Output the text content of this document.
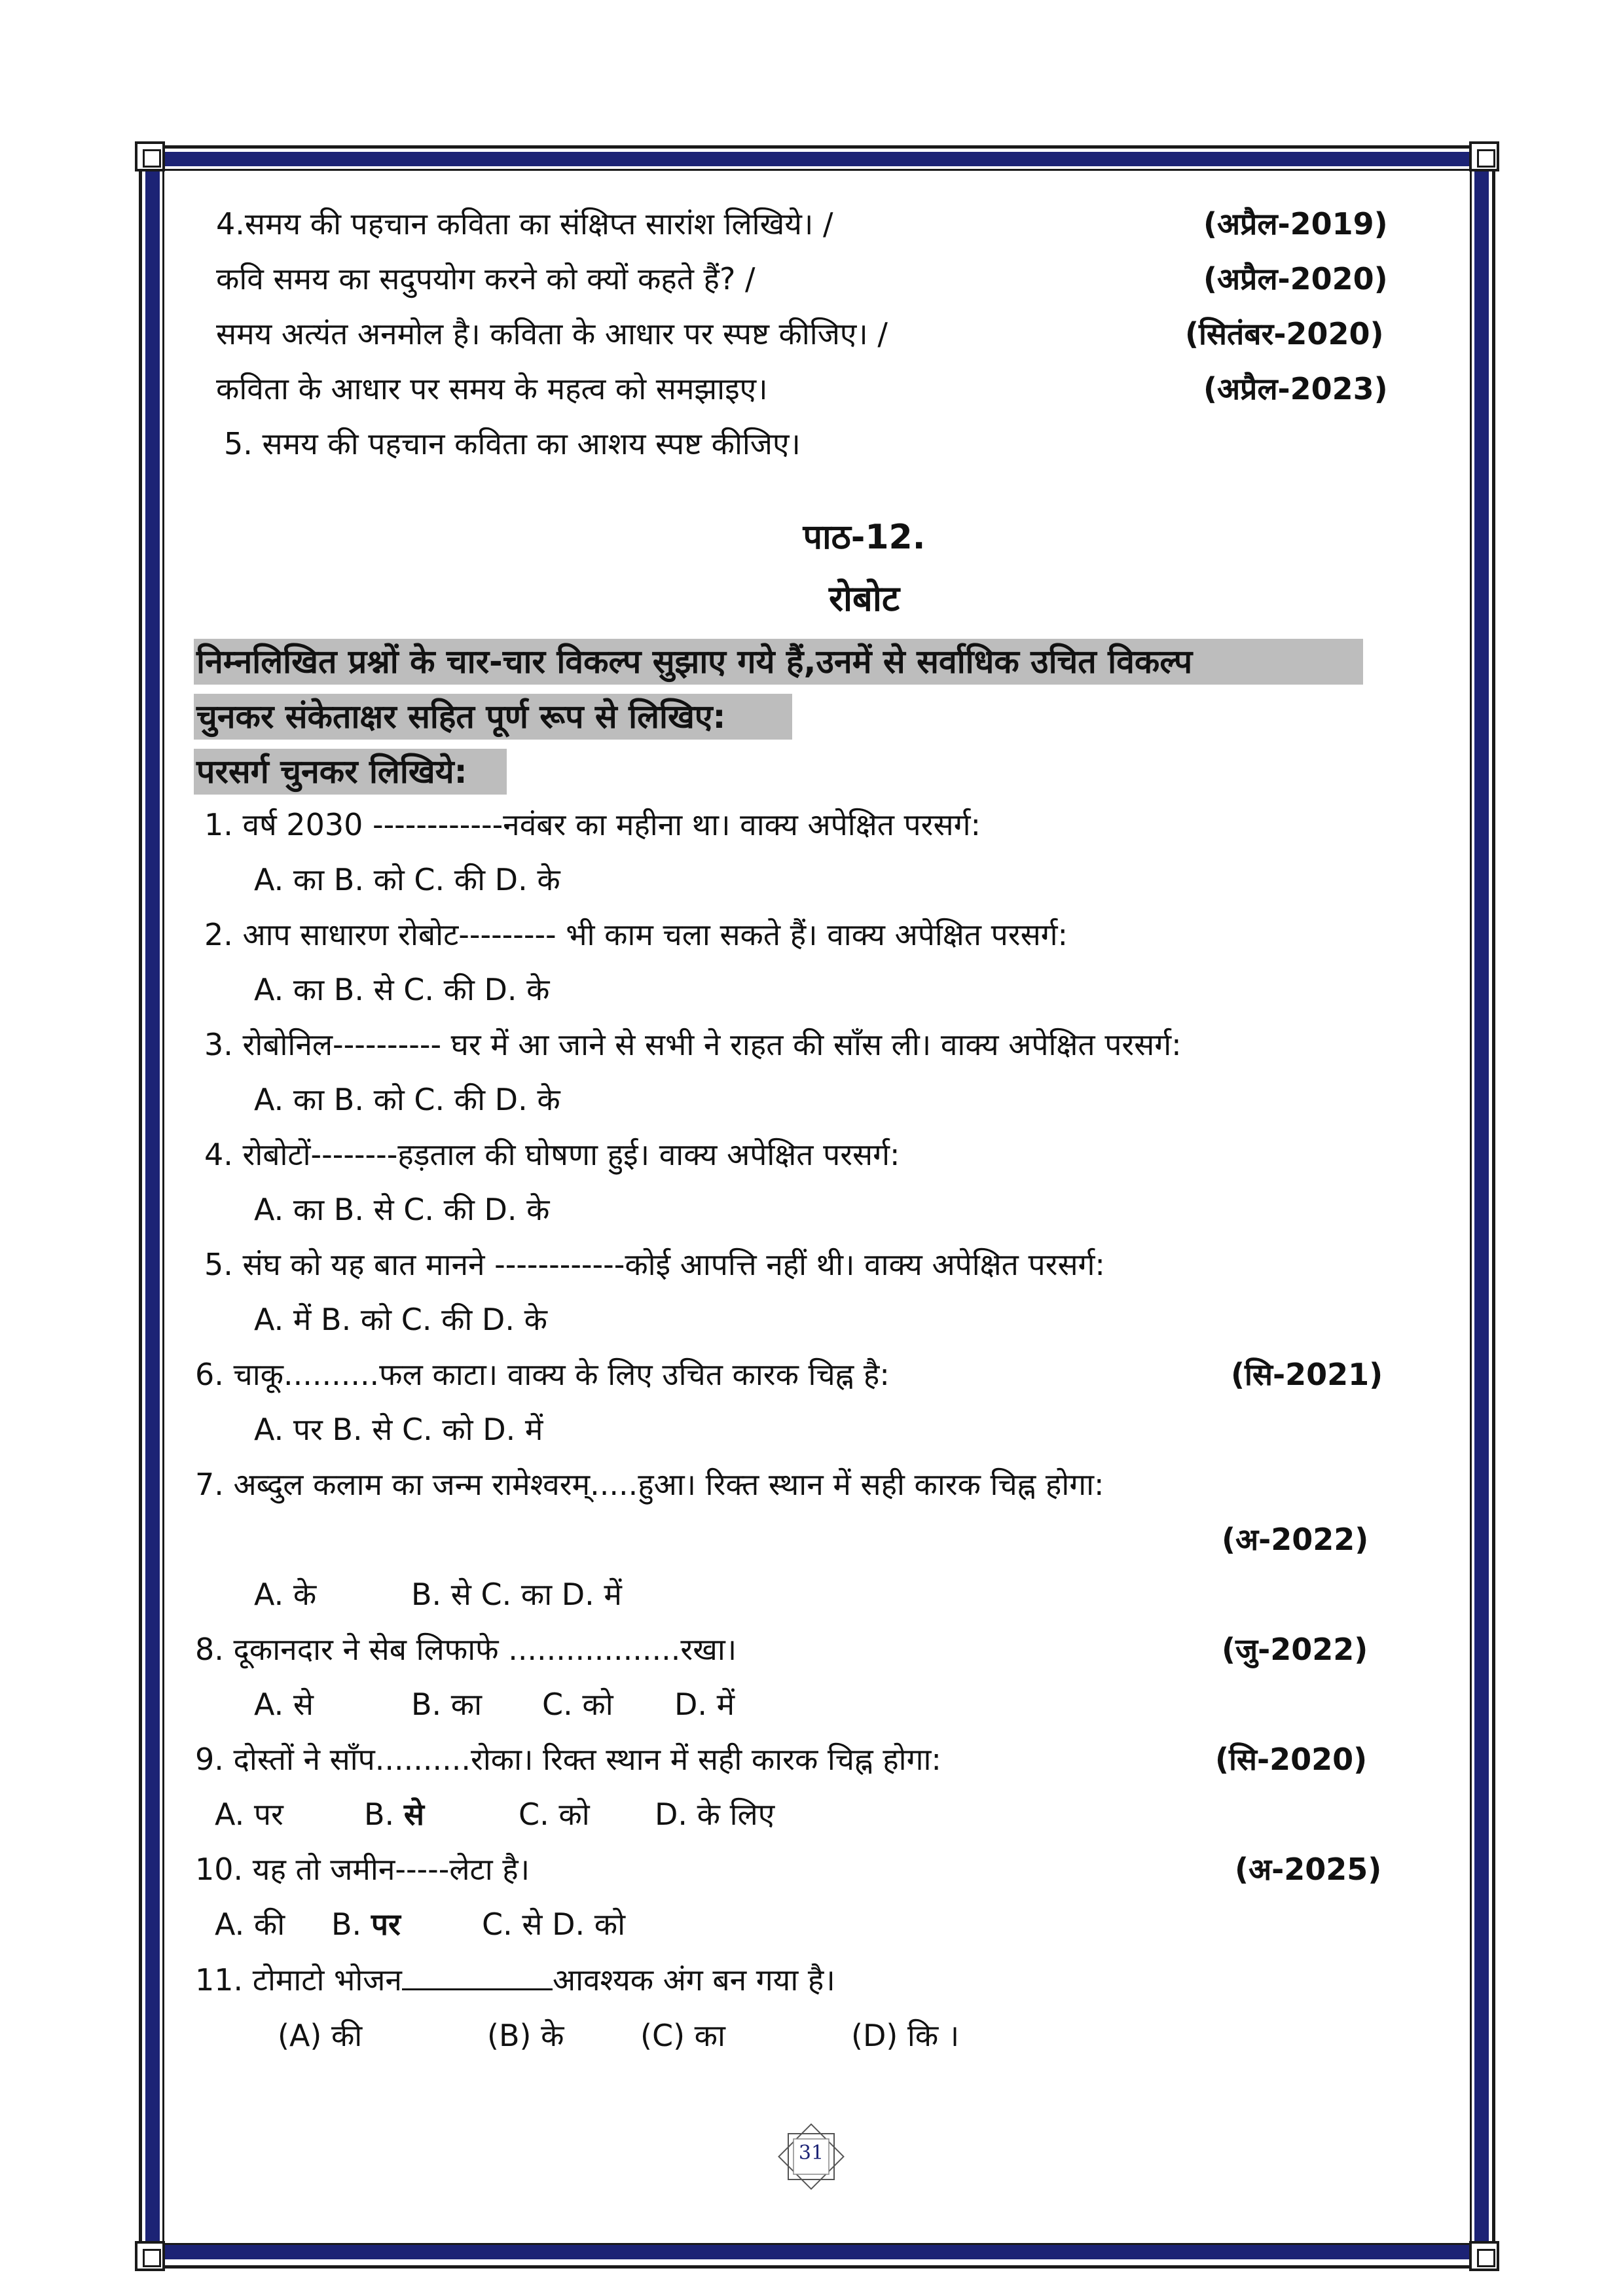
4.समय की पहचान कविता का संक्षिप्त सारांश लिखिये। /	(अप्रैल-2019)
कवि समय का सदुपयोग करने को क्यों कहते हैं? /	(अप्रैल-2020)
समय अत्यंत अनमोल है। कविता के आधार पर स्पष्ट कीजिए। /	(सितंबर-2020)
कविता के आधार पर समय के महत्व को समझाइए।	(अप्रैल-2023)
5. समय की पहचान कविता का आशय स्पष्ट कीजिए।
पाठ-12.
रोबोट
निम्नलिखित प्रश्नों के चार-चार विकल्प सुझाए गये हैं,उनमें से सर्वाधिक उचित विकल्प
चुनकर संकेताक्षर सहित पूर्ण रूप से लिखिए:
परसर्ग चुनकर लिखिये:
1. वर्ष 2030 ------------नवंबर का महीना था। वाक्य अपेक्षित परसर्ग:
A. का B. को C. की D. के
2. आप साधारण रोबोट--------- भी काम चला सकते हैं। वाक्य अपेक्षित परसर्ग:
A. का B. से C. की D. के
3. रोबोनिल---------- घर में आ जाने से सभी ने राहत की साँस ली। वाक्य अपेक्षित परसर्ग:
A. का B. को C. की D. के
4. रोबोटों--------हड़ताल की घोषणा हुई। वाक्य अपेक्षित परसर्ग:
A. का B. से C. की D. के
5. संघ को यह बात मानने ------------कोई आपत्ति नहीं थी। वाक्य अपेक्षित परसर्ग:
A. में B. को C. की D. के
6. चाकू..........फल काटा। वाक्य के लिए उचित कारक चिह्न है:	(सि-2021)
A. पर B. से C. को D. में
7. अब्दुल कलाम का जन्म रामेश्वरम्.....हुआ। रिक्त स्थान में सही कारक चिह्न होगा:
(अ-2022)
A. के	B. से C. का D. में
8. दूकानदार ने सेब लिफाफे ..................रखा।	(जु-2022)
A. से	B. का C. को D. में
9. दोस्तों ने साँप..........रोका। रिक्त स्थान में सही कारक चिह्न होगा:	(सि-2020)
A. पर	B. से	C. को D. के लिए
10. यह तो जमीन-----लेटा है।	(अ-2025)
A. की B. पर	C. से D. को
11. टोमाटो भोजन	आवश्यक अंग बन गया है।
(A) की	(B) के	(C) का	(D) कि ।
31
